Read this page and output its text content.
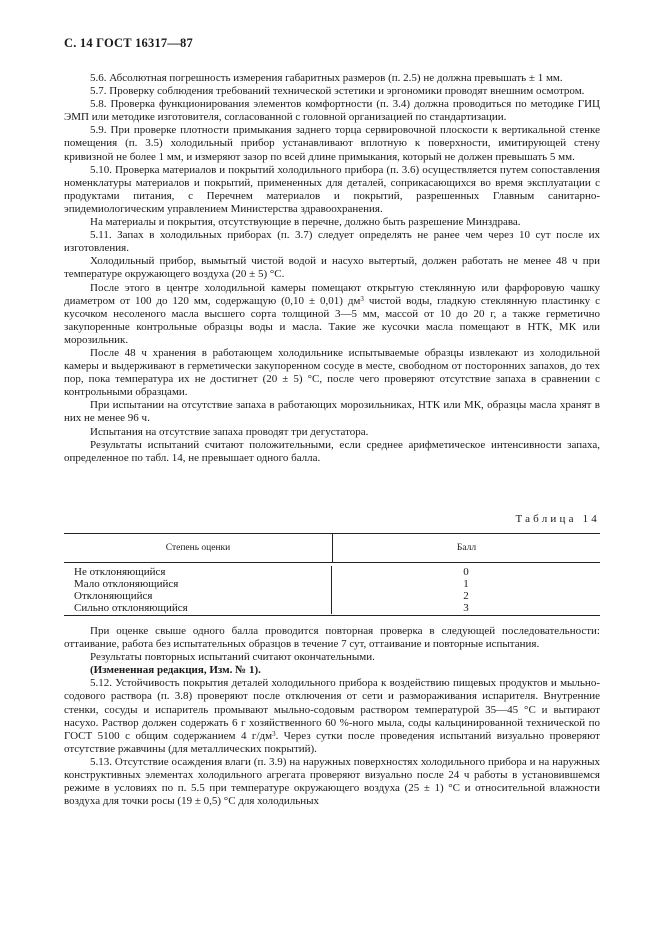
С. 14 ГОСТ 16317—87

5.6. Абсолютная погрешность измерения габаритных размеров (п. 2.5) не должна превышать ± 1 мм.

5.7. Проверку соблюдения требований технической эстетики и эргономики проводят внешним осмотром.

5.8. Проверка функционирования элементов комфортности (п. 3.4) должна проводиться по методике ГИЦ ЭМП или методике изготовителя, согласованной с головной организацией по стандартизации.

5.9. При проверке плотности примыкания заднего торца сервировочной плоскости к вертикальной стенке помещения (п. 3.5) холодильный прибор устанавливают вплотную к поверхности, имитирующей стену кривизной не более 1 мм, и измеряют зазор по всей длине примыкания, который не должен превышать 5 мм.

5.10. Проверка материалов и покрытий холодильного прибора (п. 3.6) осуществляется путем сопоставления номенклатуры материалов и покрытий, примененных для деталей, соприкасающихся во время эксплуатации с продуктами питания, с Перечнем материалов и покрытий, разрешенных Главным санитарно-эпидемиологическим управлением Министерства здравоохранения.

На материалы и покрытия, отсутствующие в перечне, должно быть разрешение Минздрава.

5.11. Запах в холодильных приборах (п. 3.7) следует определять не ранее чем через 10 сут после их изготовления.

Холодильный прибор, вымытый чистой водой и насухо вытертый, должен работать не менее 48 ч при температуре окружающего воздуха (20 ± 5) °С.

После этого в центре холодильной камеры помещают открытую стеклянную или фарфоровую чашку диаметром от 100 до 120 мм, содержащую (0,10 ± 0,01) $дм^3$ чистой воды, гладкую стеклянную пластинку с кусочком несоленого масла высшего сорта толщиной 3—5 мм, массой от 10 до 20 г, а также герметично закупоренные контрольные образцы воды и масла. Такие же кусочки масла помещают в НТК, МК или морозильник.

После 48 ч хранения в работающем холодильнике испытываемые образцы извлекают из холодильной камеры и выдерживают в герметически закупоренном сосуде в месте, свободном от посторонних запахов, до тех пор, пока температура их не достигнет (20 ± 5) °С, после чего проверяют отсутствие запаха в сравнении с контрольными образцами.

При испытании на отсутствие запаха в работающих морозильниках, НТК или МК, образцы масла хранят в них не менее 96 ч.

Испытания на отсутствие запаха проводят три дегустатора.

Результаты испытаний считают положительными, если среднее арифметическое интенсивности запаха, определенное по табл. 14, не превышает одного балла.

Таблица 14
Степень оценки	Балл
Не отклоняющийся	0
Мало отклоняющийся	1
Отклоняющийся	2
Сильно отклоняющийся	3

При оценке свыше одного балла проводится повторная проверка в следующей последовательности: оттаивание, работа без испытательных образцов в течение 7 сут, оттаивание и повторные испытания.

Результаты повторных испытаний считают окончательными.

(Измененная редакция, Изм. № 1).

5.12. Устойчивость покрытия деталей холодильного прибора к воздействию пищевых продуктов и мыльно-содового раствора (п. 3.8) проверяют после отключения от сети и размораживания испарителя. Внутренние стенки, сосуды и испаритель промывают мыльно-содовым раствором температурой 35—45 °С и вытирают насухо. Раствор должен содержать 6 г хозяйственного 60 %-ного мыла, соды кальцинированной технической по ГОСТ 5100 с общим содержанием 4 $г/дм^3$. Через сутки после проведения испытаний визуально проверяют отсутствие ржавчины (для металлических покрытий).

5.13. Отсутствие осаждения влаги (п. 3.9) на наружных поверхностях холодильного прибора и на наружных конструктивных элементах холодильного агрегата проверяют визуально после 24 ч работы в установившемся режиме в условиях по п. 5.5 при температуре окружающего воздуха (25 ± 1) °С и относительной влажности воздуха для точки росы (19 ± 0,5) °С для холодильных
